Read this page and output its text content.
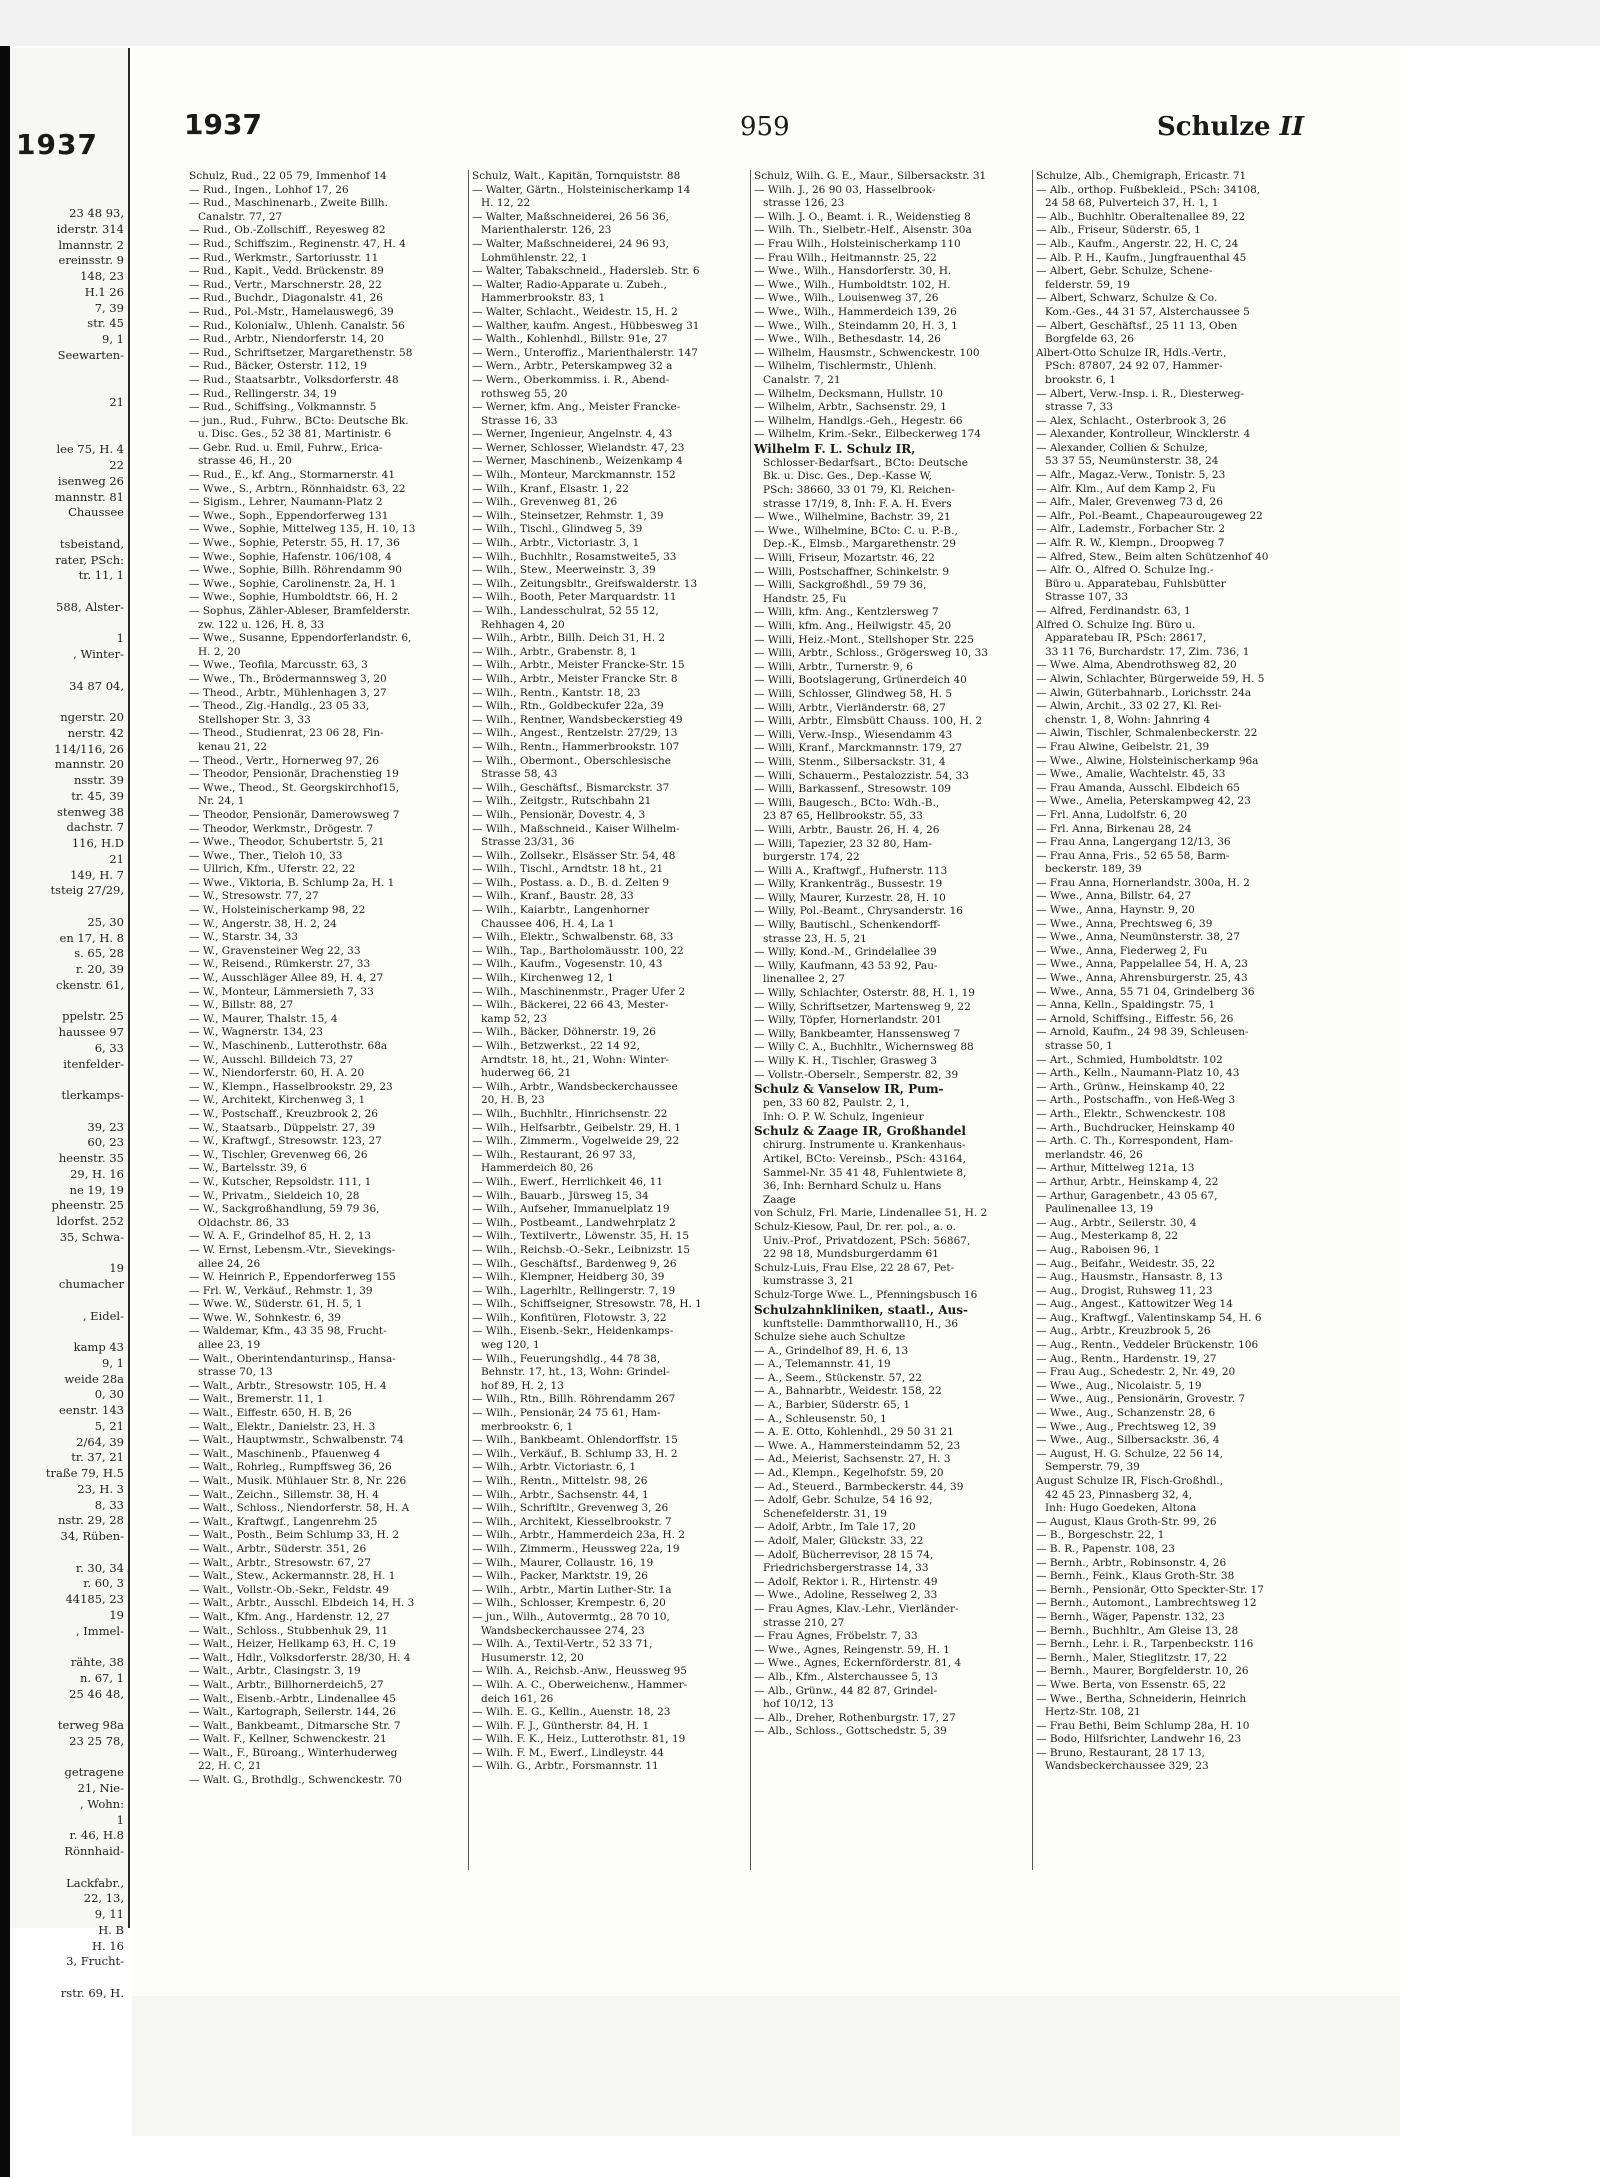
1937
23 48 93,
iderstr. 314
lmannstr. 2
ereinsstr. 9
148, 23
H.1 26
7, 39
str. 45
9, 1
Seewarten-

21

lee 75, H. 4
22
isenweg 26
mannstr. 81
Chaussee

tsbeistand,
rater, PSch:
tr. 11, 1

588, Alster-

1
, Winter-

34 87 04,

ngerstr. 20
nerstr. 42
114/116, 26
mannstr. 20
nsstr. 39
tr. 45, 39
stenweg 38
dachstr. 7
116, H.D
21
149, H. 7
tsteig 27/29,

25, 30
en 17, H. 8
s. 65, 28
r. 20, 39
ckenstr. 61,

ppelstr. 25
haussee 97
6, 33
itenfelder-

tlerkamps-

39, 23
60, 23
heenstr. 35
29, H. 16
ne 19, 19
pheenstr. 25
ldorfst. 252
35, Schwa-

19
chumacher

, Eidel-

kamp 43
9, 1
weide 28a
0, 30
eenstr. 143
5, 21
2/64, 39
tr. 37, 21
traße 79, H.5
23, H. 3
8, 33
nstr. 29, 28
34, Rüben-

r. 30, 34
r. 60, 3
44185, 23
19
, Immel-

rähte, 38
n. 67, 1
25 46 48,

terweg 98a
23 25 78,

getragene
21, Nie-
, Wohn:
1
r. 46, H.8
Rönnhaid-

Lackfabr.,
22, 13,
9, 11
H. B
H. 16
3, Frucht-

rstr. 69, H.
1937	959	Schulze II
Schulz, Rud., 22 05 79, Immenhof 14
— Rud., Ingen., Lohhof 17, 26
— Rud., Maschinenarb., Zweite Billh.
Canalstr. 77, 27
— Rud., Ob.-Zollschiff., Reyesweg 82
— Rud., Schiffszim., Reginenstr. 47, H. 4
— Rud., Werkmstr., Sartoriusstr. 11
— Rud., Kapit., Vedd. Brückenstr. 89
— Rud., Vertr., Marschnerstr. 28, 22
— Rud., Buchdr., Diagonalstr. 41, 26
— Rud., Pol.-Mstr., Hamelausweg6, 39
— Rud., Kolonialw., Uhlenh. Canalstr. 56
— Rud., Arbtr., Niendorferstr. 14, 20
— Rud., Schriftsetzer, Margarethenstr. 58
— Rud., Bäcker, Osterstr. 112, 19
— Rud., Staatsarbtr., Volksdorferstr. 48
— Rud., Rellingerstr. 34, 19
— Rud., Schiffsing., Volkmannstr. 5
— jun., Rud., Fuhrw., BCto: Deutsche Bk.
u. Disc. Ges., 52 38 81, Martinistr. 6
— Gebr. Rud. u. Emil, Fuhrw., Erica-
strasse 46, H., 20
— Rud., E., kf. Ang., Stormarnerstr. 41
— Wwe., S., Arbtrn., Rönnhaidstr. 63, 22
— Sigism., Lehrer, Naumann-Platz 2
— Wwe., Soph., Eppendorferweg 131
— Wwe., Sophie, Mittelweg 135, H. 10, 13
— Wwe., Sophie, Peterstr. 55, H. 17, 36
— Wwe., Sophie, Hafenstr. 106/108, 4
— Wwe., Sophie, Billh. Röhrendamm 90
— Wwe., Sophie, Carolinenstr. 2a, H. 1
— Wwe., Sophie, Humboldtstr. 66, H. 2
— Sophus, Zähler-Ableser, Bramfelderstr.
zw. 122 u. 126, H. 8, 33
— Wwe., Susanne, Eppendorferlandstr. 6,
H. 2, 20
— Wwe., Teofila, Marcusstr. 63, 3
— Wwe., Th., Brödermannsweg 3, 20
— Theod., Arbtr., Mühlenhagen 3, 27
— Theod., Zig.-Handlg., 23 05 33,
Stellshoper Str. 3, 33
— Theod., Studienrat, 23 06 28, Fin-
kenau 21, 22
— Theod., Vertr., Hornerweg 97, 26
— Theodor, Pensionär, Drachenstieg 19
— Wwe., Theod., St. Georgskirchhof15,
Nr. 24, 1
— Theodor, Pensionär, Damerowsweg 7
— Theodor, Werkmstr., Drögestr. 7
— Wwe., Theodor, Schubertstr. 5, 21
— Wwe., Ther., Tieloh 10, 33
— Ullrich, Kfm., Uferstr. 22, 22
— Wwe., Viktoria, B. Schlump 2a, H. 1
— W., Stresowstr. 77, 27
— W., Holsteinischerkamp 98, 22
— W., Angerstr. 38, H. 2, 24
— W., Starstr. 34, 33
— W., Gravensteiner Weg 22, 33
— W., Reisend., Rümkerstr. 27, 33
— W., Ausschläger Allee 89, H. 4, 27
— W., Monteur, Lämmersieth 7, 33
— W., Billstr. 88, 27
— W., Maurer, Thalstr. 15, 4
— W., Wagnerstr. 134, 23
— W., Maschinenb., Lutterothstr. 68a
— W., Ausschl. Billdeich 73, 27
— W., Niendorferstr. 60, H. A. 20
— W., Klempn., Hasselbrookstr. 29, 23
— W., Architekt, Kirchenweg 3, 1
— W., Postschaff., Kreuzbrook 2, 26
— W., Staatsarb., Düppelstr. 27, 39
— W., Kraftwgf., Stresowstr. 123, 27
— W., Tischler, Grevenweg 66, 26
— W., Bartelsstr. 39, 6
— W., Kutscher, Repsoldstr. 111, 1
— W., Privatm., Sieldeich 10, 28
— W., Sackgroßhandlung, 59 79 36,
Oldachstr. 86, 33
— W. A. F., Grindelhof 85, H. 2, 13
— W. Ernst, Lebensm.-Vtr., Sievekings-
allee 24, 26
— W. Heinrich P., Eppendorferweg 155
— Frl. W., Verkäuf., Rehmstr. 1, 39
— Wwe. W., Süderstr. 61, H. 5, 1
— Wwe. W., Sohnkestr. 6, 39
— Waldemar, Kfm., 43 35 98, Frucht-
allee 23, 19
— Walt., Oberintendanturinsp., Hansa-
strasse 70, 13
— Walt., Arbtr., Stresowstr. 105, H. 4
— Walt., Bremerstr. 11, 1
— Walt., Eiffestr. 650, H. B, 26
— Walt., Elektr., Danielstr. 23, H. 3
— Walt., Hauptwmstr., Schwalbenstr. 74
— Walt., Maschinenb., Pfauenweg 4
— Walt., Rohrleg., Rumpffsweg 36, 26
— Walt., Musik. Mühlauer Str. 8, Nr. 226
— Walt., Zeichn., Sillemstr. 38, H. 4
— Walt., Schloss., Niendorferstr. 58, H. A
— Walt., Kraftwgf., Langenrehm 25
— Walt., Posth., Beim Schlump 33, H. 2
— Walt., Arbtr., Süderstr. 351, 26
— Walt., Arbtr., Stresowstr. 67, 27
— Walt., Stew., Ackermannstr. 28, H. 1
— Walt., Vollstr.-Ob.-Sekr., Feldstr. 49
— Walt., Arbtr., Ausschl. Elbdeich 14, H. 3
— Walt., Kfm. Ang., Hardenstr. 12, 27
— Walt., Schloss., Stubbenhuk 29, 11
— Walt., Heizer, Hellkamp 63, H. C, 19
— Walt., Hdlr., Volksdorferstr. 28/30, H. 4
— Walt., Arbtr., Clasingstr. 3, 19
— Walt., Arbtr., Billhornerdeich5, 27
— Walt., Eisenb.-Arbtr., Lindenallee 45
— Walt., Kartograph, Seilerstr. 144, 26
— Walt., Bankbeamt., Ditmarsche Str. 7
— Walt. F., Kellner, Schwenckestr. 21
— Walt., F., Büroang., Winterhuderweg
22, H. C, 21
— Walt. G., Brothdlg., Schwenckestr. 70
Schulz, Walt., Kapitän, Tornquiststr. 88
— Walter, Gärtn., Holsteinischerkamp 14
H. 12, 22
— Walter, Maßschneiderei, 26 56 36,
Marienthalerstr. 126, 23
— Walter, Maßschneiderei, 24 96 93,
Lohmühlenstr. 22, 1
— Walter, Tabakschneid., Hadersleb. Str. 6
— Walter, Radio-Apparate u. Zubeh.,
Hammerbrookstr. 83, 1
— Walter, Schlacht., Weidestr. 15, H. 2
— Walther, kaufm. Angest., Hübbesweg 31
— Walth., Kohlenhdl., Billstr. 91e, 27
— Wern., Unteroffiz., Marienthalerstr. 147
— Wern., Arbtr., Peterskampweg 32 a
— Wern., Oberkommiss. i. R., Abend-
rothsweg 55, 20
— Werner, kfm. Ang., Meister Francke-
Strasse 16, 33
— Werner, Ingenieur, Angelnstr. 4, 43
— Werner, Schlosser, Wielandstr. 47, 23
— Werner, Maschinenb., Weizenkamp 4
— Wilh., Monteur, Marckmannstr. 152
— Wilh., Kranf., Elsastr. 1, 22
— Wilh., Grevenweg 81, 26
— Wilh., Steinsetzer, Rehmstr. 1, 39
— Wilh., Tischl., Glindweg 5, 39
— Wilh., Arbtr., Victoriastr. 3, 1
— Wilh., Buchhltr., Rosamstweite5, 33
— Wilh., Stew., Meerweinstr. 3, 39
— Wilh., Zeitungsbltr., Greifswalderstr. 13
— Wilh., Booth, Peter Marquardstr. 11
— Wilh., Landesschulrat, 52 55 12,
Rehhagen 4, 20
— Wilh., Arbtr., Billh. Deich 31, H. 2
— Wilh., Arbtr., Grabenstr. 8, 1
— Wilh., Arbtr., Meister Francke-Str. 15
— Wilh., Arbtr., Meister Francke Str. 8
— Wilh., Rentn., Kantstr. 18, 23
— Wilh., Rtn., Goldbeckufer 22a, 39
— Wilh., Rentner, Wandsbeckerstieg 49
— Wilh., Angest., Rentzelstr. 27/29, 13
— Wilh., Rentn., Hammerbrookstr. 107
— Wilh., Obermont., Oberschlesische
Strasse 58, 43
— Wilh., Geschäftsf., Bismarckstr. 37
— Wilh., Zeitgstr., Rutschbahn 21
— Wilh., Pensionär, Dovestr. 4, 3
— Wilh., Maßschneid., Kaiser Wilhelm-
Strasse 23/31, 36
— Wilh., Zollsekr., Elsässer Str. 54, 48
— Wilh., Tischl., Arndtstr. 18 ht., 21
— Wilh., Postass. a. D., B. d. Zelten 9
— Wilh., Kranf., Baustr. 28, 33
— Wilh., Kaiarbtr., Langenhorner
Chaussee 406, H. 4, La 1
— Wilh., Elektr., Schwalbenstr. 68, 33
— Wilh., Tap., Bartholomäusstr. 100, 22
— Wilh., Kaufm., Vogesenstr. 10, 43
— Wilh., Kirchenweg 12, 1
— Wilh., Maschinenmstr., Prager Ufer 2
— Wilh., Bäckerei, 22 66 43, Mester-
kamp 52, 23
— Wilh., Bäcker, Döhnerstr. 19, 26
— Wilh., Betzwerkst., 22 14 92,
Arndtstr. 18, ht., 21, Wohn: Winter-
huderweg 66, 21
— Wilh., Arbtr., Wandsbeckerchaussee
20, H. B, 23
— Wilh., Buchhltr., Hinrichsenstr. 22
— Wilh., Helfsarbtr., Geibelstr. 29, H. 1
— Wilh., Zimmerm., Vogelweide 29, 22
— Wilh., Restaurant, 26 97 33,
Hammerdeich 80, 26
— Wilh., Ewerf., Herrlichkeit 46, 11
— Wilh., Bauarb., Jürsweg 15, 34
— Wilh., Aufseher, Immanuelplatz 19
— Wilh., Postbeamt., Landwehrplatz 2
— Wilh., Textilvertr., Löwenstr. 35, H. 15
— Wilh., Reichsb.-O.-Sekr., Leibnizstr. 15
— Wilh., Geschäftsf., Bardenweg 9, 26
— Wilh., Klempner, Heidberg 30, 39
— Wilh., Lagerhltr., Rellingerstr. 7, 19
— Wilh., Schiffseigner, Stresowstr. 78, H. 1
— Wilh., Konfitüren, Flotowstr. 3, 22
— Wilh., Eisenb.-Sekr., Heidenkamps-
weg 120, 1
— Wilh., Feuerungshdlg., 44 78 38,
Behnstr. 17, ht., 13, Wohn: Grindel-
hof 89, H. 2, 13
— Wilh., Rtn., Billh. Röhrendamm 267
— Wilh., Pensionär, 24 75 61, Ham-
merbrookstr. 6, 1
— Wilh., Bankbeamt. Ohlendorffstr. 15
— Wilh., Verkäuf., B. Schlump 33, H. 2
— Wilh., Arbtr. Victoriastr. 6, 1
— Wilh., Rentn., Mittelstr. 98, 26
— Wilh., Arbtr., Sachsenstr. 44, 1
— Wilh., Schriftltr., Grevenweg 3, 26
— Wilh., Architekt, Kiesselbrookstr. 7
— Wilh., Arbtr., Hammerdeich 23a, H. 2
— Wilh., Zimmerm., Heussweg 22a, 19
— Wilh., Maurer, Collaustr. 16, 19
— Wilh., Packer, Marktstr. 19, 26
— Wilh., Arbtr., Martin Luther-Str. 1a
— Wilh., Schlosser, Krempestr. 6, 20
— jun., Wilh., Autovermtg., 28 70 10,
Wandsbeckerchaussee 274, 23
— Wilh. A., Textil-Vertr., 52 33 71,
Husumerstr. 12, 20
— Wilh. A., Reichsb.-Anw., Heussweg 95
— Wilh. A. C., Oberweichenw., Hammer-
deich 161, 26
— Wilh. E. G., Kellin., Auenstr. 18, 23
— Wilh. F. J., Güntherstr. 84, H. 1
— Wilh. F. K., Heiz., Lutterothstr. 81, 19
— Wilh. F. M., Ewerf., Lindleystr. 44
— Wilh. G., Arbtr., Forsmannstr. 11
Schulz, Wilh. G. E., Maur., Silbersackstr. 31
— Wilh. J., 26 90 03, Hasselbrook-
strasse 126, 23
— Wilh. J. O., Beamt. i. R., Weidenstieg 8
— Wilh. Th., Sielbetr.-Helf., Alsenstr. 30a
— Frau Wilh., Holsteinischerkamp 110
— Frau Wilh., Heitmannstr. 25, 22
— Wwe., Wilh., Hansdorferstr. 30, H.
— Wwe., Wilh., Humboldtstr. 102, H.
— Wwe., Wilh., Louisenweg 37, 26
— Wwe., Wilh., Hammerdeich 139, 26
— Wwe., Wilh., Steindamm 20, H. 3, 1
— Wwe., Wilh., Bethesdastr. 14, 26
— Wilhelm, Hausmstr., Schwenckestr. 100
— Wilhelm, Tischlermstr., Uhlenh.
Canalstr. 7, 21
— Wilhelm, Decksmann, Hullstr. 10
— Wilhelm, Arbtr., Sachsenstr. 29, 1
— Wilhelm, Handlgs.-Geh., Hegestr. 66
— Wilhelm, Krim.-Sekr., Eilbeckerweg 174
Wilhelm F. L. Schulz IR,
Schlosser-Bedarfsart., BCto: Deutsche
Bk. u. Disc. Ges., Dep.-Kasse W,
PSch: 38660, 33 01 79, Kl. Reichen-
strasse 17/19, 8, Inh: F. A. H. Evers
— Wwe., Wilhelmine, Bachstr. 39, 21
— Wwe., Wilhelmine, BCto: C. u. P.-B.,
Dep.-K., Elmsb., Margarethenstr. 29
— Willi, Friseur, Mozartstr. 46, 22
— Willi, Postschaffner, Schinkelstr. 9
— Willi, Sackgroßhdl., 59 79 36,
Handstr. 25, Fu
— Willi, kfm. Ang., Kentzlersweg 7
— Willi, kfm. Ang., Heilwigstr. 45, 20
— Willi, Heiz.-Mont., Stellshoper Str. 225
— Willi, Arbtr., Schloss., Grögersweg 10, 33
— Willi, Arbtr., Turnerstr. 9, 6
— Willi, Bootslagerung, Grünerdeich 40
— Willi, Schlosser, Glindweg 58, H. 5
— Willi, Arbtr., Vierländerstr. 68, 27
— Willi, Arbtr., Elmsbütt Chauss. 100, H. 2
— Willi, Verw.-Insp., Wiesendamm 43
— Willi, Kranf., Marckmannstr. 179, 27
— Willi, Stenm., Silbersackstr. 31, 4
— Willi, Schauerm., Pestalozzistr. 54, 33
— Willi, Barkassenf., Stresowstr. 109
— Willi, Baugesch., BCto: Wdh.-B.,
23 87 65, Hellbrookstr. 55, 33
— Willi, Arbtr., Baustr. 26, H. 4, 26
— Willi, Tapezier, 23 32 80, Ham-
burgerstr. 174, 22
— Willi A., Kraftwgf., Hufnerstr. 113
— Willy, Krankenträg., Bussestr. 19
— Willy, Maurer, Kurzestr. 28, H. 10
— Willy, Pol.-Beamt., Chrysanderstr. 16
— Willy, Bautischl., Schenkendorff-
strasse 23, H. 5, 21
— Willy, Kond.-M., Grindelallee 39
— Willy, Kaufmann, 43 53 92, Pau-
linenallee 2, 27
— Willy, Schlachter, Osterstr. 88, H. 1, 19
— Willy, Schriftsetzer, Martensweg 9, 22
— Willy, Töpfer, Hornerlandstr. 201
— Willy, Bankbeamter, Hanssensweg 7
— Willy C. A., Buchhltr., Wichernsweg 88
— Willy K. H., Tischler, Grasweg 3
— Vollstr.-Oberselr., Semperstr. 82, 39
Schulz & Vanselow IR, Pum-
pen, 33 60 82, Paulstr. 2, 1,
Inh: O. P. W. Schulz, Ingenieur
Schulz & Zaage IR, Großhandel
chirurg. Instrumente u. Krankenhaus-
Artikel, BCto: Vereinsb., PSch: 43164,
Sammel-Nr. 35 41 48, Fuhlentwiete 8,
36, Inh: Bernhard Schulz u. Hans
Zaage
von Schulz, Frl. Marie, Lindenallee 51, H. 2
Schulz-Kiesow, Paul, Dr. rer. pol., a. o.
Univ.-Prof., Privatdozent, PSch: 56867,
22 98 18, Mundsburgerdamm 61
Schulz-Luis, Frau Else, 22 28 67, Pet-
kumstrasse 3, 21
Schulz-Torge Wwe. L., Pfenningsbusch 16
Schulzahnkliniken, staatl., Aus-
kunftstelle: Dammthorwall10, H., 36
Schulze siehe auch Schultze
— A., Grindelhof 89, H. 6, 13
— A., Telemannstr. 41, 19
— A., Seem., Stückenstr. 57, 22
— A., Bahnarbtr., Weidestr. 158, 22
— A., Barbier, Süderstr. 65, 1
— A., Schleusenstr. 50, 1
— A. E. Otto, Kohlenhdl., 29 50 31 21
— Wwe. A., Hammersteindamm 52, 23
— Ad., Meierist, Sachsenstr. 27, H. 3
— Ad., Klempn., Kegelhofstr. 59, 20
— Ad., Steuerd., Barmbeckerstr. 44, 39
— Adolf, Gebr. Schulze, 54 16 92,
Schenefelderstr. 31, 19
— Adolf, Arbtr., Im Tale 17, 20
— Adolf, Maler, Glückstr. 33, 22
— Adolf, Bücherrevisor, 28 15 74,
Friedrichsbergerstrasse 14, 33
— Adolf, Rektor i. R., Hirtenstr. 49
— Wwe., Adoline, Resselweg 2, 33
— Frau Agnes, Klav.-Lehr., Vierländer-
strasse 210, 27
— Frau Agnes, Fröbelstr. 7, 33
— Wwe., Agnes, Reingenstr. 59, H. 1
— Wwe., Agnes, Eckernförderstr. 81, 4
— Alb., Kfm., Alsterchaussee 5, 13
— Alb., Grünw., 44 82 87, Grindel-
hof 10/12, 13
— Alb., Dreher, Rothenburgstr. 17, 27
— Alb., Schloss., Gottschedstr. 5, 39
Schulze, Alb., Chemigraph, Ericastr. 71
— Alb., orthop. Fußbekleid., PSch: 34108,
24 58 68, Pulverteich 37, H. 1, 1
— Alb., Buchhltr. Oberaltenallee 89, 22
— Alb., Friseur, Süderstr. 65, 1
— Alb., Kaufm., Angerstr. 22, H. C, 24
— Alb. P. H., Kaufm., Jungfrauenthal 45
— Albert, Gebr. Schulze, Schene-
felderstr. 59, 19
— Albert, Schwarz, Schulze & Co.
Kom.-Ges., 44 31 57, Alsterchaussee 5
— Albert, Geschäftsf., 25 11 13, Oben
Borgfelde 63, 26
Albert-Otto Schulze IR, Hdls.-Vertr.,
PSch: 87807, 24 92 07, Hammer-
brookstr. 6, 1
— Albert, Verw.-Insp. i. R., Diesterweg-
strasse 7, 33
— Alex, Schlacht., Osterbrook 3, 26
— Alexander, Kontrolleur, Wincklerstr. 4
— Alexander, Collien & Schulze,
53 37 55, Neumünsterstr. 38, 24
— Alfr., Magaz.-Verw., Tonistr. 5, 23
— Alfr. Klm., Auf dem Kamp 2, Fu
— Alfr., Maler, Grevenweg 73 d, 26
— Alfr., Pol.-Beamt., Chapeaurougeweg 22
— Alfr., Lademstr., Forbacher Str. 2
— Alfr. R. W., Klempn., Droopweg 7
— Alfred, Stew., Beim alten Schützenhof 40
— Alfr. O., Alfred O. Schulze Ing.-
Büro u. Apparatebau, Fuhlsbütter
Strasse 107, 33
— Alfred, Ferdinandstr. 63, 1
Alfred O. Schulze Ing. Büro u.
Apparatebau IR, PSch: 28617,
33 11 76, Burchardstr. 17, Zim. 736, 1
— Wwe. Alma, Abendrothsweg 82, 20
— Alwin, Schlachter, Bürgerweide 59, H. 5
— Alwin, Güterbahnarb., Lorichsstr. 24a
— Alwin, Archit., 33 02 27, Kl. Rei-
chenstr. 1, 8, Wohn: Jahnring 4
— Alwin, Tischler, Schmalenbeckerstr. 22
— Frau Alwine, Geibelstr. 21, 39
— Wwe., Alwine, Holsteinischerkamp 96a
— Wwe., Amalie, Wachtelstr. 45, 33
— Frau Amanda, Ausschl. Elbdeich 65
— Wwe., Amelia, Peterskampweg 42, 23
— Frl. Anna, Ludolfstr. 6, 20
— Frl. Anna, Birkenau 28, 24
— Frau Anna, Langergang 12/13, 36
— Frau Anna, Fris., 52 65 58, Barm-
beckerstr. 189, 39
— Frau Anna, Hornerlandstr. 300a, H. 2
— Wwe., Anna, Billstr. 64, 27
— Wwe., Anna, Haynstr. 9, 20
— Wwe., Anna, Prechtsweg 6, 39
— Wwe., Anna, Neumünsterstr. 38, 27
— Wwe., Anna, Fiederweg 2, Fu
— Wwe., Anna, Pappelallee 54, H. A, 23
— Wwe., Anna, Ahrensburgerstr. 25, 43
— Wwe., Anna, 55 71 04, Grindelberg 36
— Anna, Kelln., Spaldingstr. 75, 1
— Arnold, Schiffsing., Eiffestr. 56, 26
— Arnold, Kaufm., 24 98 39, Schleusen-
strasse 50, 1
— Art., Schmied, Humboldtstr. 102
— Arth., Kelln., Naumann-Platz 10, 43
— Arth., Grünw., Heinskamp 40, 22
— Arth., Postschaffn., von Heß-Weg 3
— Arth., Elektr., Schwenckestr. 108
— Arth., Buchdrucker, Heinskamp 40
— Arth. C. Th., Korrespondent, Ham-
merlandstr. 46, 26
— Arthur, Mittelweg 121a, 13
— Arthur, Arbtr., Heinskamp 4, 22
— Arthur, Garagenbetr., 43 05 67,
Paulinenallee 13, 19
— Aug., Arbtr., Seilerstr. 30, 4
— Aug., Mesterkamp 8, 22
— Aug., Raboisen 96, 1
— Aug., Beifahr., Weidestr. 35, 22
— Aug., Hausmstr., Hansastr. 8, 13
— Aug., Drogist, Ruhsweg 11, 23
— Aug., Angest., Kattowitzer Weg 14
— Aug., Kraftwgf., Valentinskamp 54, H. 6
— Aug., Arbtr., Kreuzbrook 5, 26
— Aug., Rentn., Veddeler Brückenstr. 106
— Aug., Rentn., Hardenstr. 19, 27
— Frau Aug., Schedestr. 2, Nr. 49, 20
— Wwe., Aug., Nicolaistr. 5, 19
— Wwe., Aug., Pensionärin, Grovestr. 7
— Wwe., Aug., Schanzenstr. 28, 6
— Wwe., Aug., Prechtsweg 12, 39
— Wwe., Aug., Silbersackstr. 36, 4
— August, H. G. Schulze, 22 56 14,
Semperstr. 79, 39
August Schulze IR, Fisch-Großhdl.,
42 45 23, Pinnasberg 32, 4,
Inh: Hugo Goedeken, Altona
— August, Klaus Groth-Str. 99, 26
— B., Borgeschstr. 22, 1
— B. R., Papenstr. 108, 23
— Bernh., Arbtr., Robinsonstr. 4, 26
— Bernh., Feink., Klaus Groth-Str. 38
— Bernh., Pensionär, Otto Speckter-Str. 17
— Bernh., Automont., Lambrechtsweg 12
— Bernh., Wäger, Papenstr. 132, 23
— Bernh., Buchhltr., Am Gleise 13, 28
— Bernh., Lehr. i. R., Tarpenbeckstr. 116
— Bernh., Maler, Stieglitzstr. 17, 22
— Bernh., Maurer, Borgfelderstr. 10, 26
— Wwe. Berta, von Essenstr. 65, 22
— Wwe., Bertha, Schneiderin, Heinrich
Hertz-Str. 108, 21
— Frau Bethi, Beim Schlump 28a, H. 10
— Bodo, Hilfsrichter, Landwehr 16, 23
— Bruno, Restaurant, 28 17 13,
Wandsbeckerchaussee 329, 23
